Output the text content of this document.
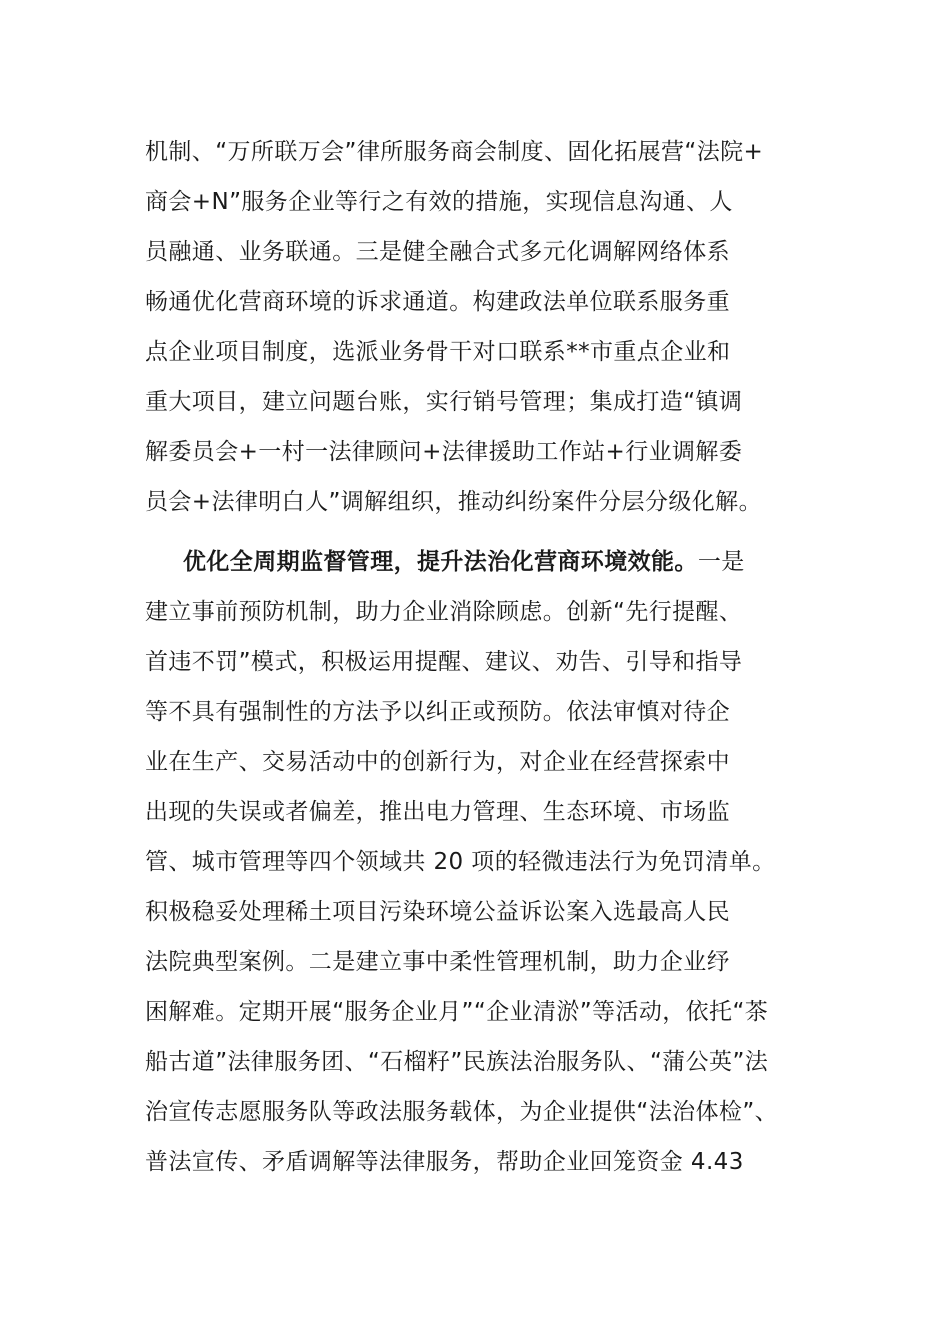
机制、“万所联万会”律所服务商会制度、固化拓展营“法院+
商会+N”服务企业等行之有效的措施，实现信息沟通、人
员融通、业务联通。三是健全融合式多元化调解网络体系
畅通优化营商环境的诉求通道。构建政法单位联系服务重
点企业项目制度，选派业务骨干对口联系**市重点企业和
重大项目，建立问题台账，实行销号管理；集成打造“镇调
解委员会+一村一法律顾问+法律援助工作站+行业调解委
员会+法律明白人”调解组织，推动纠纷案件分层分级化解。
优化全周期监督管理，提升法治化营商环境效能。一是
建立事前预防机制，助力企业消除顾虑。创新“先行提醒、
首违不罚”模式，积极运用提醒、建议、劝告、引导和指导
等不具有强制性的方法予以纠正或预防。依法审慎对待企
业在生产、交易活动中的创新行为，对企业在经营探索中
出现的失误或者偏差，推出电力管理、生态环境、市场监
管、城市管理等四个领域共 20 项的轻微违法行为免罚清单。
积极稳妥处理稀土项目污染环境公益诉讼案入选最高人民
法院典型案例。二是建立事中柔性管理机制，助力企业纾
困解难。定期开展“服务企业月”“企业清淤”等活动，依托“茶
船古道”法律服务团、“石榴籽”民族法治服务队、“蒲公英”法
治宣传志愿服务队等政法服务载体，为企业提供“法治体检”、
普法宣传、矛盾调解等法律服务，帮助企业回笼资金 4.43
